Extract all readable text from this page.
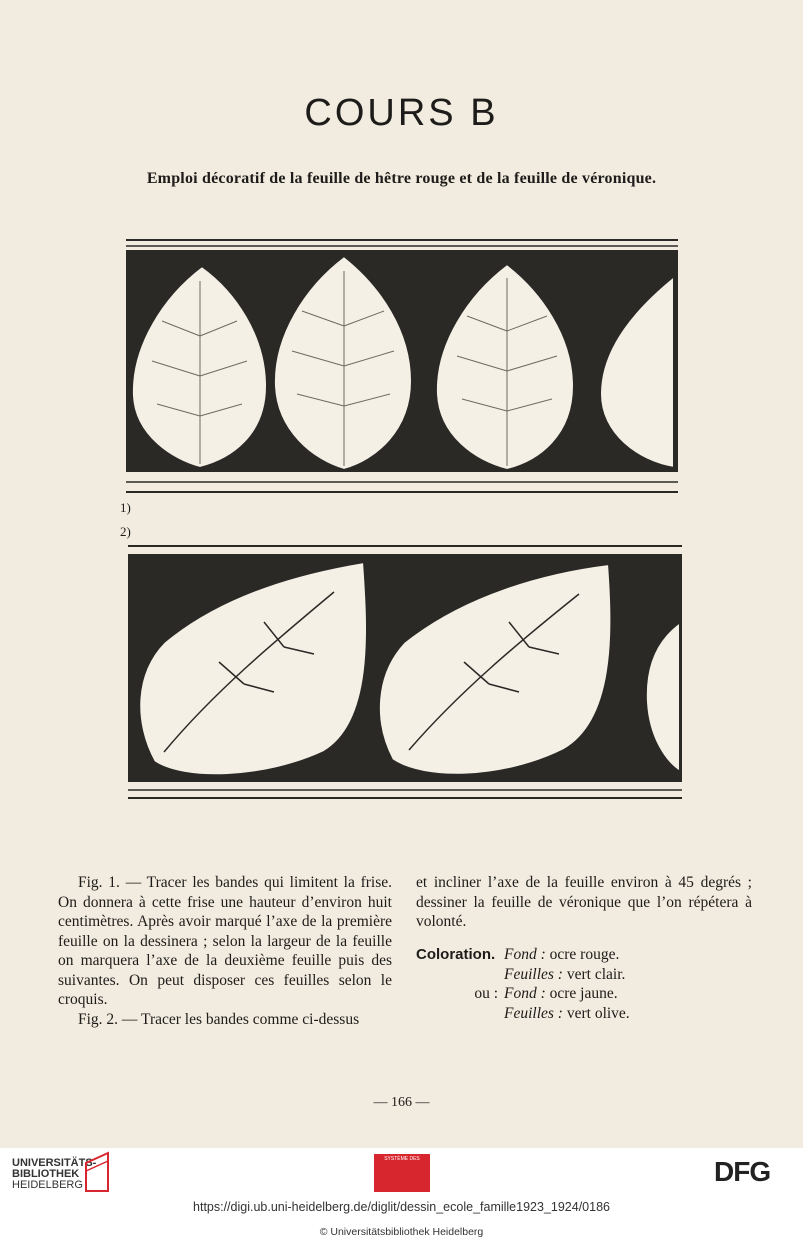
COURS B
Emploi décoratif de la feuille de hêtre rouge et de la feuille de véronique.
1)
2)

Fig. 1. — Tracer les bandes qui limitent la frise. On donnera à cette frise une hauteur d’environ huit centimètres. Après avoir marqué l’axe de la première feuille on la dessinera ; selon la largeur de la feuille on marquera l’axe de la deuxième feuille puis des suivantes. On peut disposer ces feuilles selon le croquis.

Fig. 2. — Tracer les bandes comme ci-dessus

et incliner l’axe de la feuille environ à 45 degrés ; dessiner la feuille de véronique que l’on répétera à volonté.

Coloration. Fond : ocre rouge.
Feuilles : vert clair.
ou : Fond : ocre jaune.
Feuilles : vert olive.
— 166 —
UNIVERSITÄTS-
BIBLIOTHEK
HEIDELBERG
SYSTÈME DES	DFG
https://digi.ub.uni-heidelberg.de/diglit/dessin_ecole_famille1923_1924/0186
© Universitätsbibliothek Heidelberg
